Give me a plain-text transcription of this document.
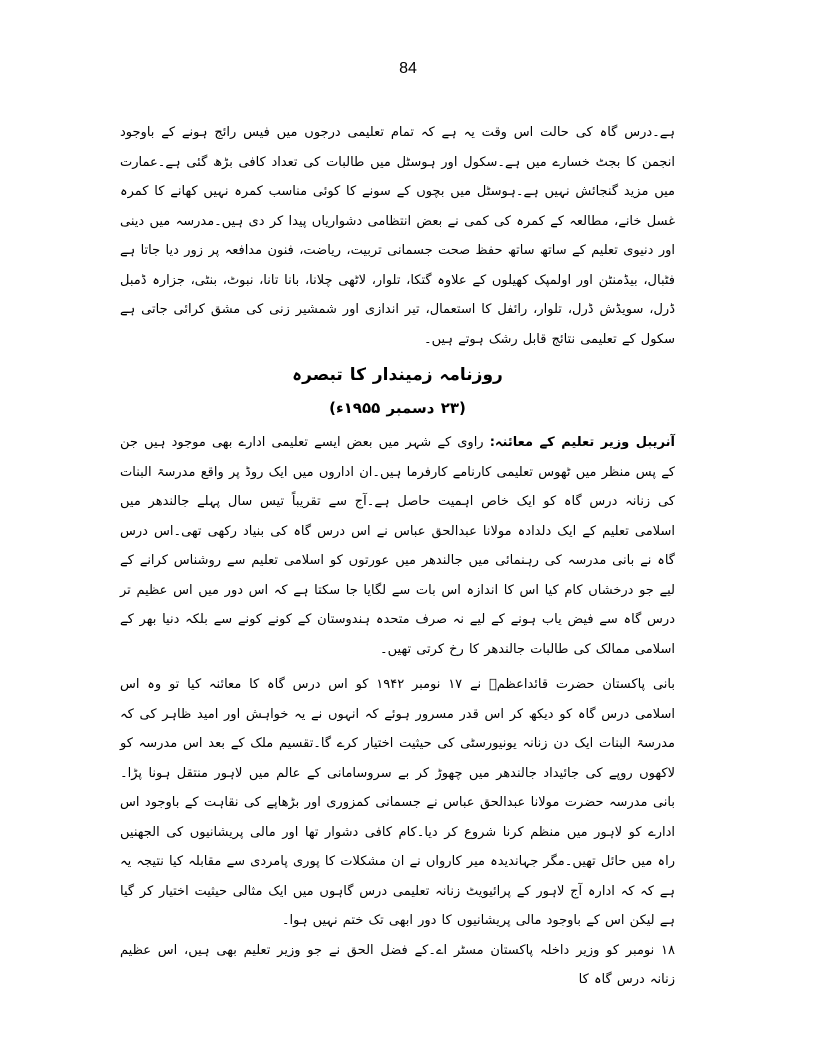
84

ہے۔درس گاہ کی حالت اس وقت یہ ہے کہ تمام تعلیمی درجوں میں فیس رائج ہونے کے باوجود انجمن کا بجٹ خسارے میں ہے۔سکول اور ہوسٹل میں طالبات کی تعداد کافی بڑھ گئی ہے۔عمارت میں مزید گنجائش نہیں ہے۔ہوسٹل میں بچوں کے سونے کا کوئی مناسب کمرہ نہیں کھانے کا کمرہ غسل خانے، مطالعہ کے کمرہ کی کمی نے بعض انتظامی دشواریاں پیدا کر دی ہیں۔مدرسہ میں دینی اور دنیوی تعلیم کے ساتھ ساتھ حفظ صحت جسمانی تربیت، ریاضت، فنون مدافعہ پر زور دیا جاتا ہے فٹبال، بیڈمنٹن اور اولمپک کھیلوں کے علاوہ گتکا، تلوار، لاٹھی چلانا، بانا تانا، نبوٹ، بنٹی، جزارہ ڈمبل ڈرل، سویڈش ڈرل، تلوار، رائفل کا استعمال، تیر اندازی اور شمشیر زنی کی مشق کرائی جاتی ہے سکول کے تعلیمی نتائج قابل رشک ہوتے ہیں۔

روزنامہ زمیندار کا تبصرہ
(۲۳ دسمبر ۱۹۵۵ء)

آنریبل وزیر تعلیم کے معائنہ: راوی کے شہر میں بعض ایسے تعلیمی ادارے بھی موجود ہیں جن کے پس منظر میں ٹھوس تعلیمی کارنامے کارفرما ہیں۔ان اداروں میں ایک روڈ پر واقع مدرسۃ البنات کی زنانہ درس گاہ کو ایک خاص اہمیت حاصل ہے۔آج سے تقریباً تیس سال پہلے جالندھر میں اسلامی تعلیم کے ایک دلدادہ مولانا عبدالحق عباس نے اس درس گاہ کی بنیاد رکھی تھی۔اس درس گاہ نے بانی مدرسہ کی رہنمائی میں جالندھر میں عورتوں کو اسلامی تعلیم سے روشناس کرانے کے لیے جو درخشاں کام کیا اس کا اندازہ اس بات سے لگایا جا سکتا ہے کہ اس دور میں اس عظیم تر درس گاہ سے فیض یاب ہونے کے لیے نہ صرف متحدہ ہندوستان کے کونے کونے سے بلکہ دنیا بھر کے اسلامی ممالک کی طالبات جالندھر کا رخ کرتی تھیں۔

بانی پاکستان حضرت قائداعظمؒ نے ۱۷ نومبر ۱۹۴۲ کو اس درس گاہ کا معائنہ کیا تو وہ اس اسلامی درس گاہ کو دیکھ کر اس قدر مسرور ہوئے کہ انہوں نے یہ خواہش اور امید ظاہر کی کہ مدرسۃ البنات ایک دن زنانہ یونیورسٹی کی حیثیت اختیار کرے گا۔تقسیم ملک کے بعد اس مدرسہ کو لاکھوں روپے کی جائیداد جالندھر میں چھوڑ کر بے سروسامانی کے عالم میں لاہور منتقل ہونا پڑا۔بانی مدرسہ حضرت مولانا عبدالحق عباس نے جسمانی کمزوری اور بڑھاپے کی نقاہت کے باوجود اس ادارے کو لاہور میں منظم کرنا شروع کر دیا۔کام کافی دشوار تھا اور مالی پریشانیوں کی الجھنیں راہ میں حائل تھیں۔مگر جہاندیدہ میر کارواں نے ان مشکلات کا پوری پامردی سے مقابلہ کیا نتیجہ یہ ہے کہ کہ ادارہ آج لاہور کے پرائیویٹ زنانہ تعلیمی درس گاہوں میں ایک مثالی حیثیت اختیار کر گیا ہے لیکن اس کے باوجود مالی پریشانیوں کا دور ابھی تک ختم نہیں ہوا۔

۱۸ نومبر کو وزیر داخلہ پاکستان مسٹر اے۔کے فضل الحق نے جو وزیر تعلیم بھی ہیں، اس عظیم زنانہ درس گاہ کا
